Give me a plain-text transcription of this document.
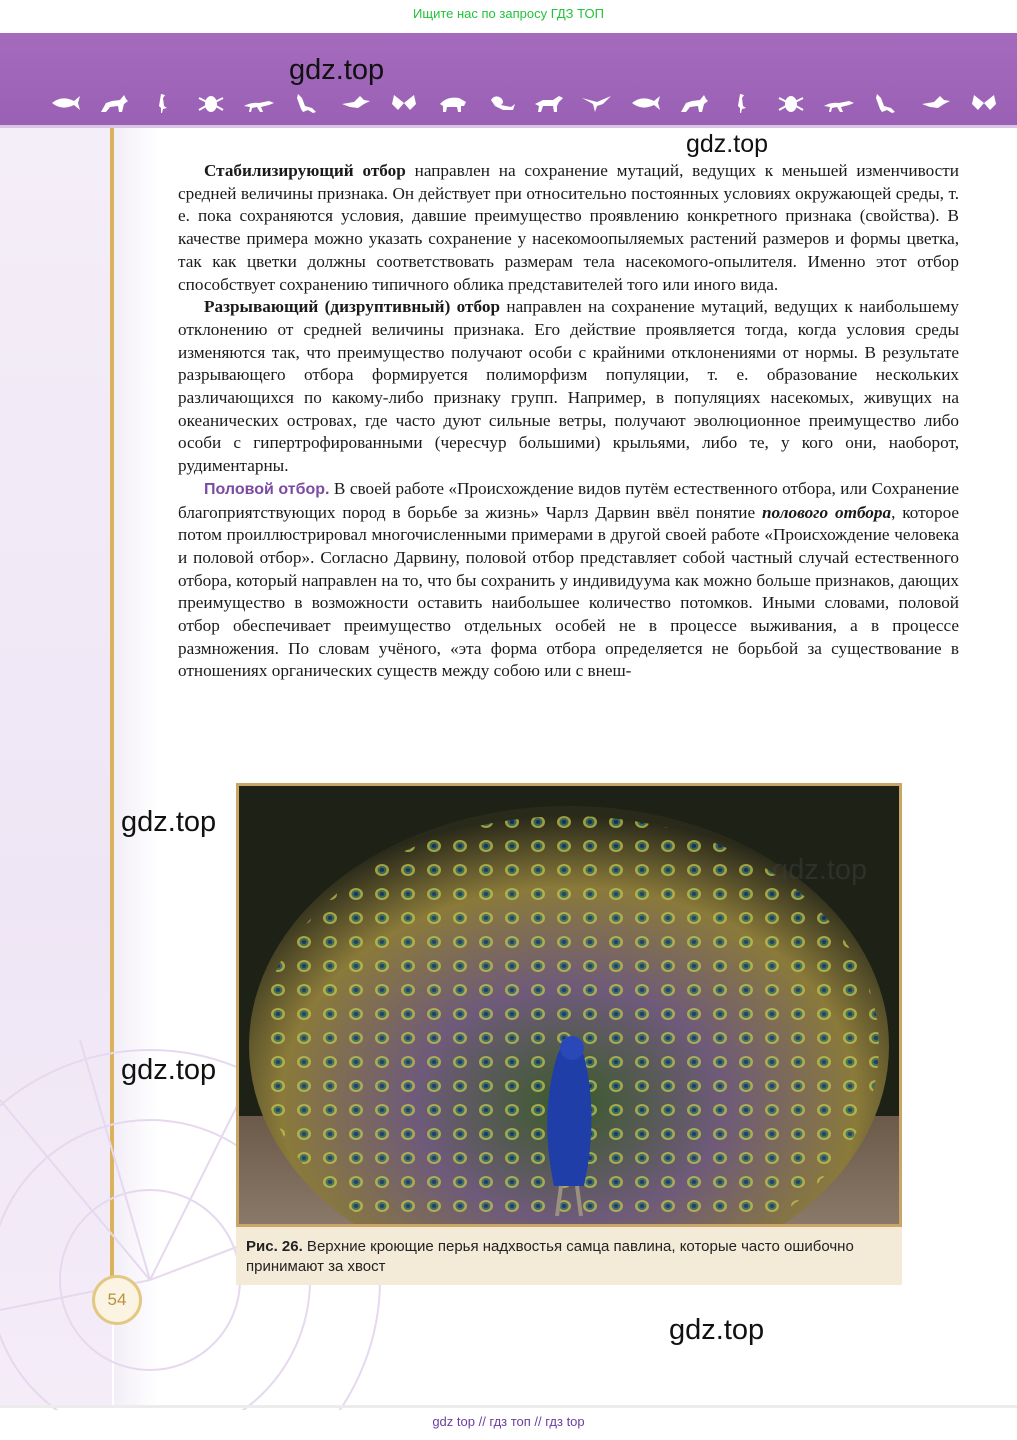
Ищите нас по запросу ГДЗ ТОП
gdz.top
gdz.top

Стабилизирующий отбор направлен на сохранение мутаций, ведущих к меньшей изменчивости средней величины признака. Он действует при относительно постоянных условиях окружающей среды, т. е. пока сохраняются условия, давшие преимущество проявлению конкретного признака (свойства). В качестве примера можно указать сохранение у насекомоопыляемых растений размеров и формы цветка, так как цветки должны соответствовать размерам тела насекомого-опылителя. Именно этот отбор способствует сохранению типичного облика представителей того или иного вида.

Разрывающий (дизруптивный) отбор направлен на сохранение мутаций, ведущих к наибольшему отклонению от средней величины признака. Его действие проявляется тогда, когда условия среды изменяются так, что преимущество получают особи с крайними отклонениями от нормы. В результате разрывающего отбора формируется полиморфизм популяции, т. е. образование нескольких различающихся по какому-либо признаку групп. Например, в популяциях насекомых, живущих на океанических островах, где часто дуют сильные ветры, получают эволюционное преимущество либо особи с гипертрофированными (чересчур большими) крыльями, либо те, у кого они, наоборот, рудиментарны.

Половой отбор. В своей работе «Происхождение видов путём естественного отбора, или Сохранение благоприятствующих пород в борьбе за жизнь» Чарлз Дарвин ввёл понятие полового отбора, которое потом проиллюстрировал многочисленными примерами в другой своей работе «Происхождение человека и половой отбор». Согласно Дарвину, половой отбор представляет собой частный случай естественного отбора, который направлен на то, что бы сохранить у индивидуума как можно больше признаков, дающих преимущество в возможности оставить наибольшее количество потомков. Иными словами, половой отбор обеспечивает преимущество отдельных особей не в процессе выживания, а в процессе размножения. По словам учёного, «эта форма отбора определяется не борьбой за существование в отношениях органических существ между собою или с внеш-

gdz.top
gdz.top
gdz.top
Рис. 26. Верхние кроющие перья надхвостья самца павлина, которые часто ошибочно принимают за хвост
54
gdz.top
gdz top // гдз топ // гдз top
